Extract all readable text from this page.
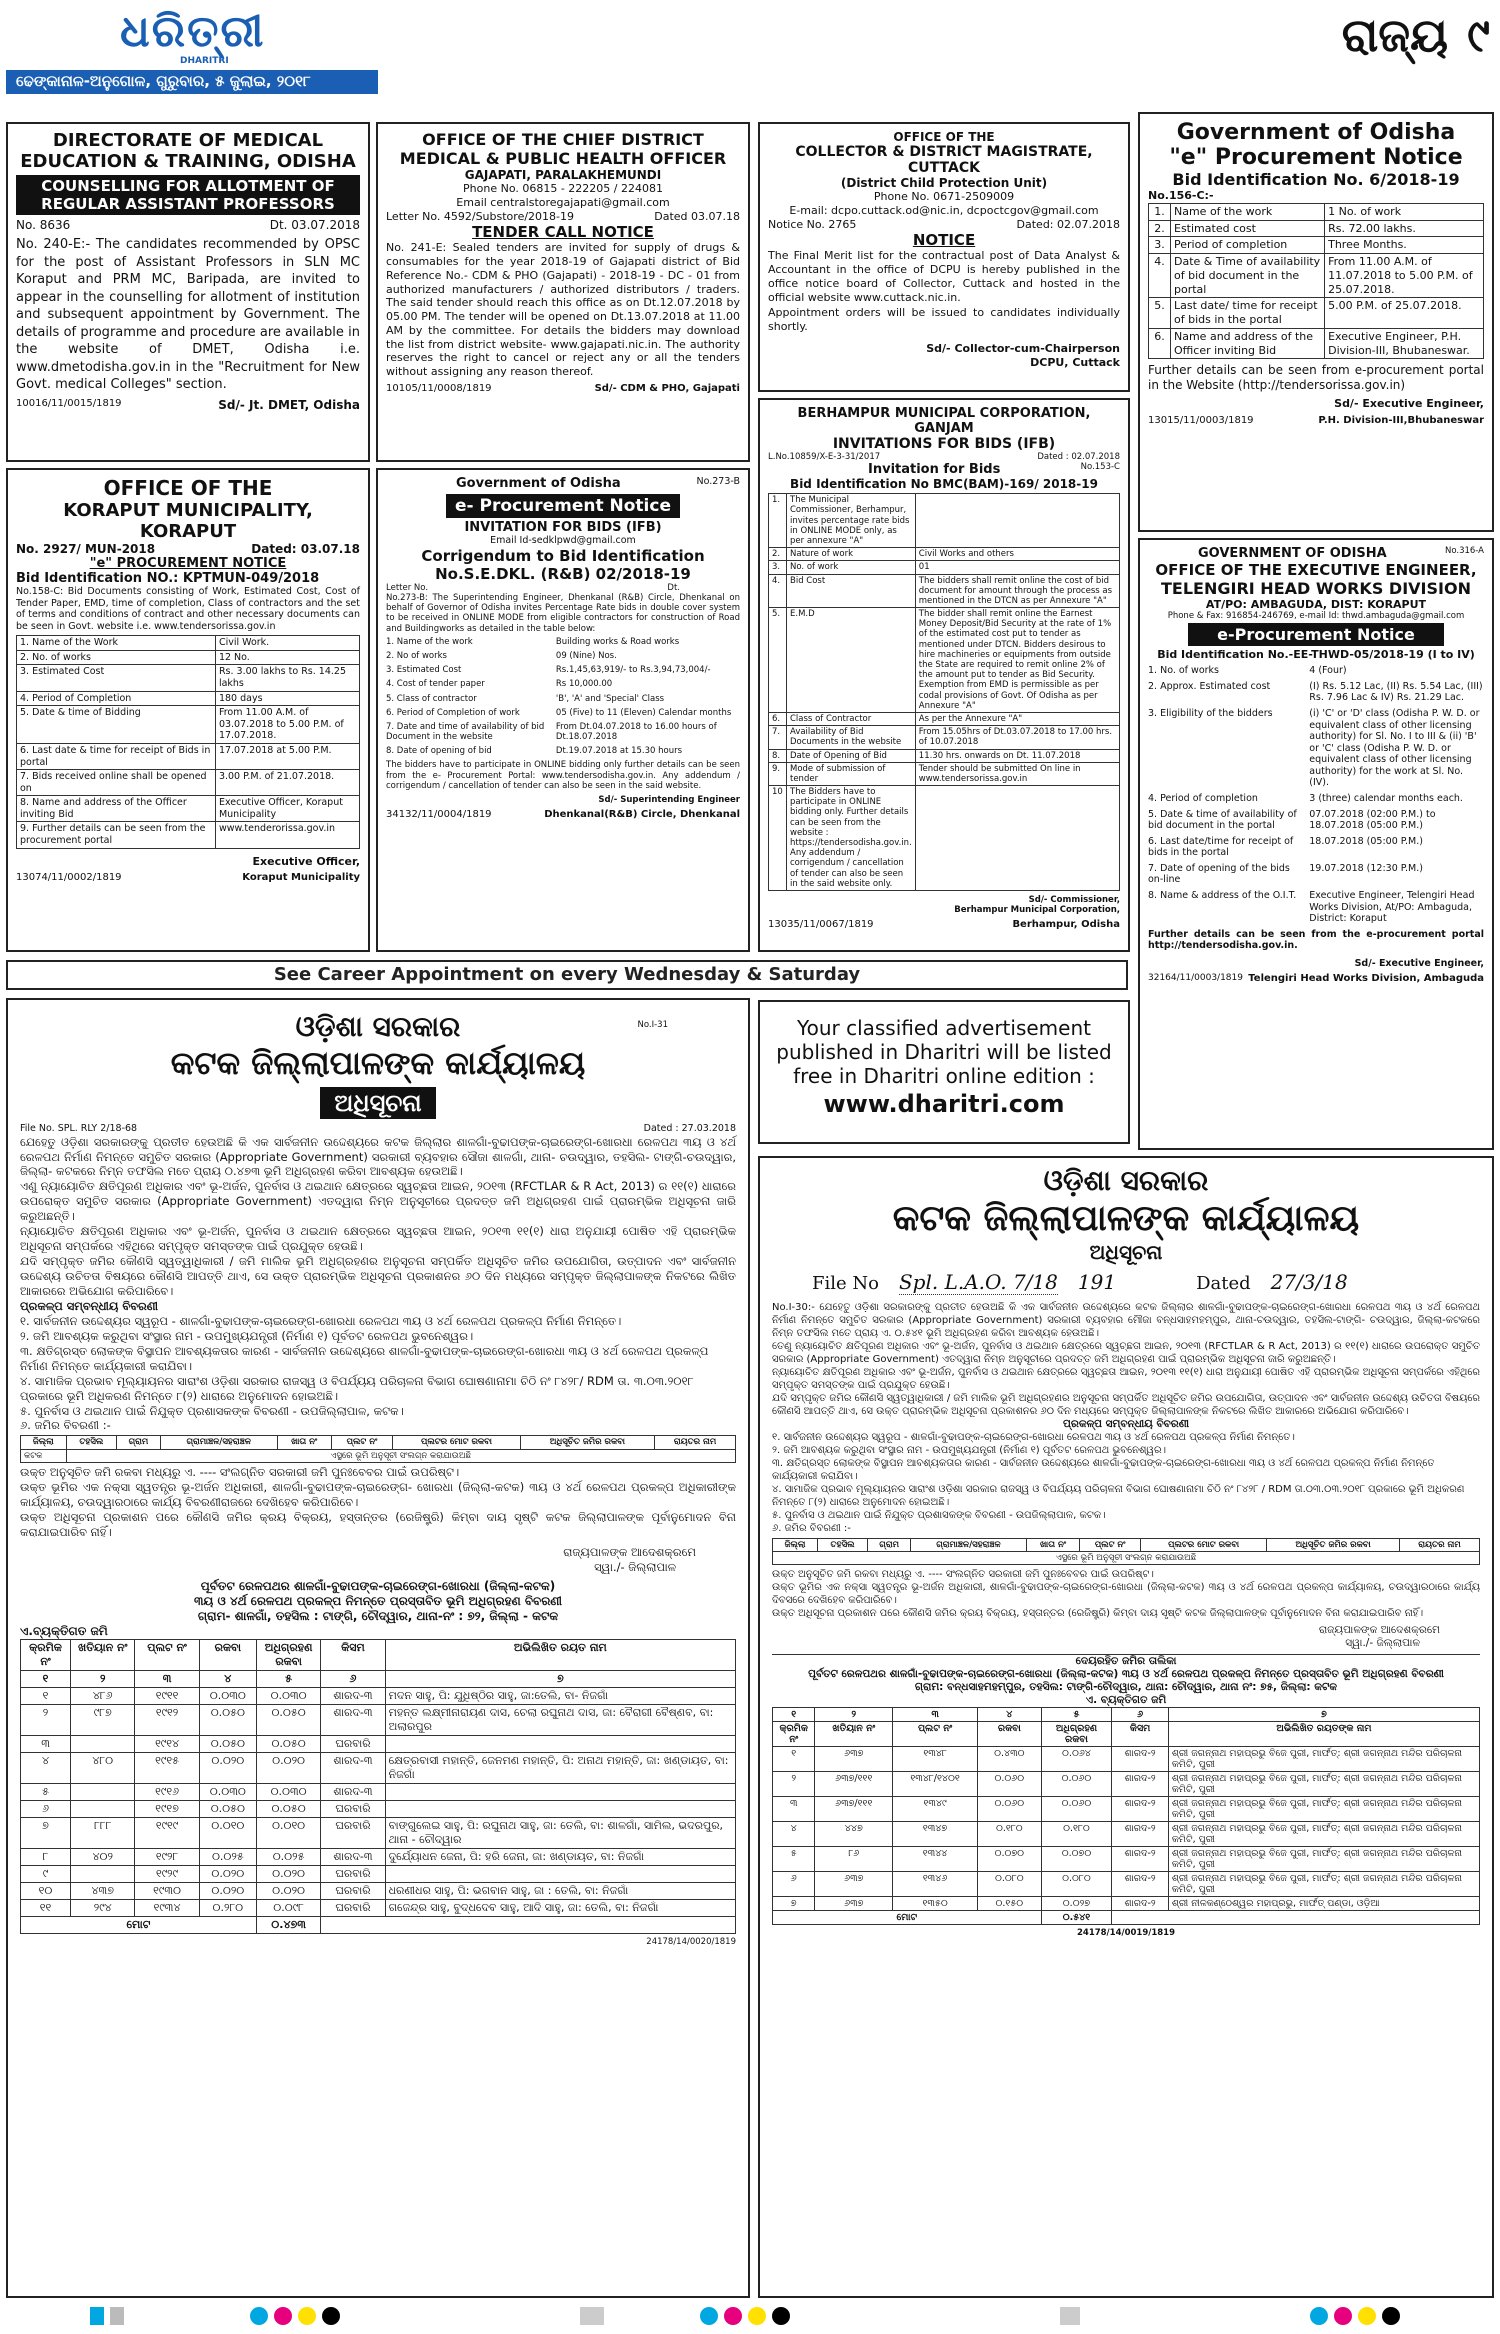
ଧରିତ୍ରୀ
DHARITRI
ଢେଙ୍କାନାଳ-ଅନୁଗୋଳ, ଗୁରୁବାର, ୫ ଜୁଲାଇ, ୨୦୧୮
ରାଜ୍ୟ ୯
DIRECTORATE OF MEDICAL
EDUCATION & TRAINING, ODISHA
COUNSELLING FOR ALLOTMENT OF REGULAR ASSISTANT PROFESSORS
No. 8636	Dt. 03.07.2018
No. 240-E:- The candidates recommended by OPSC for the post of Assistant Professors in SLN MC Koraput and PRM MC, Baripada, are invited to appear in the counselling for allotment of institution and subsequent appointment by Government. The details of programme and procedure are available in the website of DMET, Odisha i.e. www.dmetodisha.gov.in in the "Recruitment for New Govt. medical Colleges" section.
10016/11/0015/1819	Sd/- Jt. DMET, Odisha
OFFICE OF THE CHIEF DISTRICT
MEDICAL & PUBLIC HEALTH OFFICER
GAJAPATI, PARALAKHEMUNDI
Phone No. 06815 - 222205 / 224081
Email centralstoregajapati@gmail.com
Letter No. 4592/Substore/2018-19	Dated 03.07.18
TENDER CALL NOTICE
No. 241-E: Sealed tenders are invited for supply of drugs & consumables for the year 2018-19 of Gajapati district of Bid Reference No.- CDM & PHO (Gajapati) - 2018-19 - DC - 01 from authorized manufacturers / authorized distributors / traders. The said tender should reach this office as on Dt.12.07.2018 by 05.00 PM. The tender will be opened on Dt.13.07.2018 at 11.00 AM by the committee. For details the bidders may download the list from district website- www.gajapati.nic.in. The authority reserves the right to cancel or reject any or all the tenders without assigning any reason thereof.
10105/11/0008/1819	Sd/- CDM & PHO, Gajapati
OFFICE OF THE
COLLECTOR & DISTRICT MAGISTRATE, CUTTACK
(District Child Protection Unit)
Phone No. 0671-2509009
E-mail: dcpo.cuttack.od@nic.in, dcpoctcgov@gmail.com
Notice No. 2765	Dated: 02.07.2018
NOTICE
The Final Merit list for the contractual post of Data Analyst & Accountant in the office of DCPU is hereby published in the office notice board of Collector, Cuttack and hosted in the official website www.cuttack.nic.in.
Appointment orders will be issued to candidates individually shortly.
Sd/- Collector-cum-Chairperson
DCPU, Cuttack
Government of Odisha
"e" Procurement Notice
Bid Identification No. 6/2018-19
No.156-C:-
1.	Name of the work	1 No. of work
2.	Estimated cost	Rs. 72.00 lakhs.
3.	Period of completion	Three Months.
4.	Date & Time of availability of bid document in the portal	From 11.00 A.M. of 11.07.2018 to 5.00 P.M. of 25.07.2018.
5.	Last date/ time for receipt of bids in the portal	5.00 P.M. of 25.07.2018.
6.	Name and address of the Officer inviting Bid	Executive Engineer, P.H. Division-III, Bhubaneswar.
Further details can be seen from e-procurement portal in the Website (http://tendersorissa.gov.in)
Sd/- Executive Engineer,
13015/11/0003/1819	P.H. Division-III,Bhubaneswar
OFFICE OF THE
KORAPUT MUNICIPALITY, KORAPUT
No. 2927/ MUN-2018	Dated: 03.07.18
"e" PROCUREMENT NOTICE
Bid Identification NO.: KPTMUN-049/2018
No.158-C: Bid Documents consisting of Work, Estimated Cost, Cost of Tender Paper, EMD, time of completion, Class of contractors and the set of terms and conditions of contract and other necessary documents can be seen in Govt. website i.e. www.tendersorissa.gov.in
1. Name of the Work	Civil Work.
2. No. of works	12 No.
3. Estimated Cost	Rs. 3.00 lakhs to Rs. 14.25 lakhs
4. Period of Completion	180 days
5. Date & time of Bidding	From 11.00 A.M. of 03.07.2018 to 5.00 P.M. of 17.07.2018.
6. Last date & time for receipt of Bids in portal	17.07.2018 at 5.00 P.M.
7. Bids received online shall be opened on	3.00 P.M. of 21.07.2018.
8. Name and address of the Officer inviting Bid	Executive Officer, Koraput Municipality
9. Further details can be seen from the procurement portal	www.tenderorissa.gov.in
Executive Officer,
13074/11/0002/1819	Koraput Municipality
Government of Odisha	No.273-B
e- Procurement Notice
INVITATION FOR BIDS (IFB)
Email Id-sedklpwd@gmail.com
Corrigendum to Bid Identification
No.S.E.DKL. (R&B) 02/2018-19
Letter No.	Dt.
No.273-B: The Superintending Engineer, Dhenkanal (R&B) Circle, Dhenkanal on behalf of Governor of Odisha invites Percentage Rate bids in double cover system to be received in ONLINE MODE from eligible contractors for construction of Road and Buildingworks as detailed in the table below:
1. Name of the work	Building works & Road works
2. No of works	09 (Nine) Nos.
3. Estimated Cost	Rs.1,45,63,919/- to Rs.3,94,73,004/-
4. Cost of tender paper	Rs 10,000.00
5. Class of contractor	'B', 'A' and 'Special' Class
6. Period of Completion of work	05 (Five) to 11 (Eleven) Calendar months
7. Date and time of availability of bid Document in the website
From Dt.04.07.2018 to 16.00 hours of Dt.18.07.2018
8. Date of opening of bid	Dt.19.07.2018 at 15.30 hours
The bidders have to participate in ONLINE bidding only further details can be seen from the e- Procurement Portal: www.tendersodisha.gov.in. Any addendum / corrigendum / cancellation of tender can also be seen in the said website.
Sd/- Superintending Engineer
34132/11/0004/1819	Dhenkanal(R&B) Circle, Dhenkanal
BERHAMPUR MUNICIPAL CORPORATION, GANJAM
INVITATIONS FOR BIDS (IFB)
L.No.10859/X-E-3-31/2017	Dated : 02.07.2018
Invitation for Bids	No.153-C
Bid Identification No BMC(BAM)-169/ 2018-19
1.	The Municipal Commissioner, Berhampur, invites percentage rate bids in ONLINE MODE only, as per annexure "A"	
2.	Nature of work	Civil Works and others
3.	No. of work	01
4.	Bid Cost	The bidders shall remit online the cost of bid document for amount through the process as mentioned in the DTCN as per Annexure "A"
5.	E.M.D	The bidder shall remit online the Earnest Money Deposit/Bid Security at the rate of 1% of the estimated cost put to tender as mentioned under DTCN. Bidders desirous to hire machineries or equipments from outside the State are required to remit online 2% of the amount put to tender as Bid Security. Exemption from EMD is permissible as per codal provisions of Govt. Of Odisha as per Annexure "A"
6.	Class of Contractor	As per the Annexure "A"
7.	Availability of Bid Documents in the website	From 15.05hrs of Dt.03.07.2018 to 17.00 hrs. of 10.07.2018
8.	Date of Opening of Bid	11.30 hrs. onwards on Dt. 11.07.2018
9.	Mode of submission of tender	Tender should be submitted On line in www.tendersorissa.gov.in
10	The Bidders have to participate in ONLINE bidding only. Further details can be seen from the website : https://tendersodisha.gov.in. Any addendum / corrigendum / cancellation of tender can also be seen in the said website only.	
Sd/- Commissioner,
Berhampur Municipal Corporation,
13035/11/0067/1819	Berhampur, Odisha
GOVERNMENT OF ODISHA	No.316-A
OFFICE OF THE EXECUTIVE ENGINEER,
TELENGIRI HEAD WORKS DIVISION
AT/PO: AMBAGUDA, DIST: KORAPUT
Phone & Fax: 916854-246769, e-mail Id: thwd.ambaguda@gmail.com
e-Procurement Notice
Bid Identification No.-EE-THWD-05/2018-19 (I to IV)
1. No. of works	4 (Four)
2. Approx. Estimated cost	(I) Rs. 5.12 Lac, (II) Rs. 5.54 Lac, (III) Rs. 7.96 Lac & IV) Rs. 21.29 Lac.
3. Eligibility of the bidders	(i) 'C' or 'D' class (Odisha P. W. D. or equivalent class of other licensing authority) for Sl. No. I to III & (ii) 'B' or 'C' class (Odisha P. W. D. or equivalent class of other licensing authority) for the work at Sl. No. (IV).
4. Period of completion	3 (three) calendar months each.
5. Date & time of availability of bid document in the portal
07.07.2018 (02:00 P.M.) to 18.07.2018 (05:00 P.M.)
6. Last date/time for receipt of bids in the portal
18.07.2018 (05:00 P.M.)
7. Date of opening of the bids on-line
19.07.2018 (12:30 P.M.)
8. Name & address of the O.I.T.	Executive Engineer, Telengiri Head Works Division, At/PO: Ambaguda, District: Koraput
Further details can be seen from the e-procurement portal http://tendersodisha.gov.in.
Sd/- Executive Engineer,
32164/11/0003/1819 Telengiri Head Works Division, Ambaguda
See Career Appointment on every Wednesday & Saturday
Your classified advertisement
published in Dharitri will be listed
free in Dharitri online edition :
www.dharitri.com
No.I-31
ଓଡ଼ିଶା ସରକାର
କଟକ ଜିଲ୍ଲାପାଳଙ୍କ କାର୍ଯ୍ୟାଳୟ
ଅଧିସୂଚନା
File No. SPL. RLY 2/18-68	Dated : 27.03.2018
ଯେହେତୁ ଓଡ଼ିଶା ସରକାରଙ୍କୁ ପ୍ରତୀତ ହେଉଅଛି କି ଏକ ସାର୍ବଜନୀନ ଉଦ୍ଦେଶ୍ୟରେ କଟକ ଜିଲ୍ଲାର ଶାଳଗାଁ-ବୁଢାପଙ୍କ-ଚାଇରେଙ୍ଗ-ଖୋରଧା ରେଳପଥ ୩ୟ ଓ ୪ର୍ଥ ରେଳପଥ ନିର୍ମାଣ ନିମନ୍ତେ ସମୁଚିତ ସରକାର (Appropriate Government) ସରକାରୀ ବ୍ୟବହାର ସୌଜା ଶାଳଗାଁ, ଥାନା- ଚଉଦ୍ୱାର, ତହସିଲ- ଟାଙ୍ଗି-ଚଉଦ୍ୱାର, ଜିଲ୍ଲା- କଟକରେ ନିମ୍ନ ତଫସିଲ ମତେ ପ୍ରାୟ ୦.୪୭୩ ଭୂମି ଅଧିଗ୍ରହଣ କରିବା ଆବଶ୍ୟକ ହେଉଅଛି।
ଏଣୁ ନ୍ୟାୟୋଚିତ କ୍ଷତିପୂରଣ ଅଧିକାର ଏବଂ ଭୂ-ଅର୍ଜନ, ପୁନର୍ବାସ ଓ ଥଇଥାନ କ୍ଷେତ୍ରରେ ସ୍ୱଚ୍ଛତା ଆଇନ, ୨୦୧୩ (RFCTLAR & R Act, 2013) ର ୧୧(୧) ଧାରାରେ ଉପରୋକ୍ତ ସମୁଚିତ ସରକାର (Appropriate Government) ଏତଦ୍ୱାରା ନିମ୍ନ ଅନୁସୂଚୀରେ ପ୍ରଦତ୍ତ ଜମି ଅଧିଗ୍ରହଣ ପାଇଁ ପ୍ରାରମ୍ଭିକ ଅଧିସୂଚନା ଜାରି କରୁଅଛନ୍ତି।
ନ୍ୟାୟୋଚିତ କ୍ଷତିପୂରଣ ଅଧିକାର ଏବଂ ଭୂ-ଅର୍ଜନ, ପୁନର୍ବାସ ଓ ଥଇଥାନ କ୍ଷେତ୍ରରେ ସ୍ୱଚ୍ଛତା ଆଇନ, ୨୦୧୩ ୧୧(୧) ଧାରା ଅନୁଯାୟୀ ପୋଷିତ ଏହି ପ୍ରାରମ୍ଭିକ ଅଧିସୂଚନା ସମ୍ପର୍କରେ ଏହିଥିରେ ସମ୍ପୃକ୍ତ ସମସ୍ତଙ୍କ ପାଇଁ ପ୍ରଯୁକ୍ତ ହେଉଛି।
ଯଦି ସମ୍ପୃକ୍ତ ଜମିର କୌଣସି ସ୍ୱତ୍ୱାଧିକାରୀ / ଜମି ମାଲିକ ଭୂମି ଅଧିଗ୍ରହଣର ଅନୁସୂଚନା ସମ୍ପର୍କିତ ଅଧିସୂଚିତ ଜମିର ଉପଯୋଗିତା, ଉତ୍ପାଦନ ଏବଂ ସାର୍ବଜନୀନ ଉଦ୍ଦେଶ୍ୟ ଉଚିତତା ବିଷୟରେ କୌଣସି ଆପତ୍ତି ଥାଏ, ସେ ଉକ୍ତ ପ୍ରାରମ୍ଭିକ ଅଧିସୂଚନା ପ୍ରକାଶନର ୬୦ ଦିନ ମଧ୍ୟରେ ସମ୍ପୃକ୍ତ ଜିଲ୍ଲାପାଳଙ୍କ ନିକଟରେ ଲିଖିତ ଆକାରରେ ଅଭିଯୋଗ କରିପାରିବେ।
ପ୍ରକଳ୍ପ ସମ୍ବନ୍ଧୀୟ ବିବରଣୀ
୧. ସାର୍ବଜନୀନ ଉଦ୍ଦେଶ୍ୟର ସ୍ୱରୂପ - ଶାଳଗାଁ-ବୁଢାପଙ୍କ-ଚାଇରେଙ୍ଗ-ଖୋରଧା ରେଳପଥ ୩ୟ ଓ ୪ର୍ଥ ରେଳପଥ ପ୍ରକଳ୍ପ ନିର୍ମାଣ ନିମନ୍ତେ।
୨. ଜମି ଆବଶ୍ୟକ କରୁଥିବା ସଂସ୍ଥାର ନାମ - ଉପମୁଖ୍ୟଯନ୍ତ୍ରୀ (ନିର୍ମାଣ ୧) ପୂର୍ବତଟ ରେଳପଥ ଭୁବନେଶ୍ୱର।
୩. କ୍ଷତିଗ୍ରସ୍ତ ଲୋକଙ୍କ ବିସ୍ଥାପନ ଆବଶ୍ୟକତାର କାରଣ - ସାର୍ବଜନୀନ ଉଦ୍ଦେଶ୍ୟରେ ଶାଳଗାଁ-ବୁଢାପଙ୍କ-ଚାଇରେଙ୍ଗ-ଖୋରଧା ୩ୟ ଓ ୪ର୍ଥ ରେଳପଥ ପ୍ରକଳ୍ପ ନିର୍ମାଣ ନିମନ୍ତେ କାର୍ଯ୍ୟକାରୀ କରାଯିବା।
୪. ସାମାଜିକ ପ୍ରଭାବ ମୂଲ୍ୟାୟନର ସାରାଂଶ ଓଡ଼ିଶା ସରକାର ରାଜସ୍ୱ ଓ ବିପର୍ଯ୍ୟୟ ପରିଚାଳନା ବିଭାଗ ଘୋଷଣାନାମା ଚିଠି ନଂ ୮୪୨୮/ RDM ତା. ୩.୦୩.୨୦୧୮ ପ୍ରକାରେ ଭୂମି ଅଧିକରଣ ନିମନ୍ତେ ୮(୨) ଧାରାରେ ଅନୁମୋଦନ ହୋଇଅଛି।
୫. ପୁନର୍ବାସ ଓ ଥଇଥାନ ପାଇଁ ନିଯୁକ୍ତ ପ୍ରଶାସକଙ୍କ ବିବରଣୀ - ଉପଜିଲ୍ଲାପାଳ, କଟକ।
୬. ଜମିର ବିବରଣୀ :-
ଜିଲ୍ଲା	ତହସିଲ	ଗ୍ରାମ	ଗ୍ରାମାଞ୍ଚଳ/ସହରାଞ୍ଚଳ	ଖାତା ନଂ	ପ୍ଲଟ ନଂ	ପ୍ଲଟର ମୋଟ ରକବା	ଅଧିସୂଚିତ ଜମିର ରକବା	ରାୟତର ନାମ
କଟକ	ଏସ୍ଥରେ ଭୂମି ଅନୁସୂଚୀ ସଂଲଗ୍ନ କରାଯାଉଅଛି							
ଉକ୍ତ ଅନୁସୂଚିତ ଜମି ରକବା ମଧ୍ୟରୁ ଏ. ---- ସଂଲଗ୍ନିତ ସରକାରୀ ଜମି ପୁନଃବେବର ପାଇଁ ଉପରିଷ୍ଟ।
ଉକ୍ତ ଭୂମିର ଏକ ନକ୍ସା ସ୍ୱତନ୍ତ୍ର ଭୂ-ଅର୍ଜନ ଅଧିକାରୀ, ଶାଳଗାଁ-ବୁଢାପଙ୍କ-ଚାଇରେଙ୍ଗ- ଖୋରଧା (ଜିଲ୍ଲା-କଟକ) ୩ୟ ଓ ୪ର୍ଥ ରେଳପଥ ପ୍ରକଳ୍ପ ଅଧିକାରୀଙ୍କ କାର୍ଯ୍ୟାଳୟ, ଚଉଦ୍ୱାରଠାରେ କାର୍ଯ୍ୟ ବିବରଣୀରାଜରେ ଦେଖିହେବ କରିପାରିବେ।
ଉକ୍ତ ଅଧିସୂଚନା ପ୍ରକାଶନ ପରେ କୌଣସି ଜମିର କ୍ରୟ ବିକ୍ରୟ, ହସ୍ତାନ୍ତର (ରେଜିଷ୍ଟ୍ରି) କିମ୍ବା ଦାୟ ସୃଷ୍ଟି କଟକ ଜିଲ୍ଲାପାଳଙ୍କ ପୂର୍ବାନୁମୋଦନ ବିନା କରାଯାଇପାରିବ ନାହିଁ।
ରାଜ୍ୟପାଳଙ୍କ ଆଦେଶକ୍ରମେ
ସ୍ୱା./- ଜିଲ୍ଲାପାଳ
ପୂର୍ବତଟ ରେଳପଥର ଶାଳଗାଁ-ବୁଢାପଙ୍କ-ଚାଇରେଙ୍ଗ-ଖୋରଧା (ଜିଲ୍ଲା-କଟକ)
୩ୟ ଓ ୪ର୍ଥ ରେଳପଥ ପ୍ରକଳ୍ପ ନିମନ୍ତେ ପ୍ରସ୍ତାବିତ ଭୂମି ଅଧିଗ୍ରହଣ ବିବରଣୀ
ଗ୍ରାମ- ଶାଳଗାଁ, ତହସିଲ : ଟାଙ୍ଗି, ଚୌଦ୍ୱାର, ଥାନା-ନଂ : ୭୨, ଜିଲ୍ଲା - କଟକ
ଏ.ବ୍ୟକ୍ତିଗତ ଜମି
କ୍ରମିକ ନଂ	ଖତିୟାନ ନଂ	ପ୍ଲଟ ନଂ	ରକବା	ଅଧିଗ୍ରହଣ ରକବା	କିସମ	ଅଭିଲିଖିତ ରୟତ ନାମ
୧	୨	୩	୪	୫	୬	୭
୧	୪୮୬	୧୯୧୧	୦.୦୩୦	୦.୦୩୦	ଶାରଦ-୩	ମଦନ ସାହୁ, ପି: ଯୁଧିଷ୍ଠିର ସାହୁ, ଜା:ତେଲି, ବା- ନିଜଗାଁ
୨	୯୮୭	୧୯୧୨	୦.୦୫୦	୦.୦୫୦	ଶାରଦ-୩	ମହନ୍ତ ଲକ୍ଷ୍ମୀନାରାୟଣ ଦାସ, ଚେଲା ରଘୁନାଥ ଦାସ, ଜା: ବୈରାଗୀ ବୈଷ୍ଣବ, ବା: ଅଲାରପୁର
୩		୧୯୧୪	୦.୦୫୦	୦.୦୫୦	ଘରବାରି	
୪	୪୮୦	୧୯୧୫	୦.୦୨୦	୦.୦୨୦	ଶାରଦ-୩	କ୍ଷେତ୍ରବାସୀ ମହାନ୍ତି, ଜେନମଣ ମହାନ୍ତି, ପି: ଅନାଥ ମହାନ୍ତି, ଜା: ଖଣ୍ଡାୟତ, ବା: ନିଜଗାଁ
୫		୧୯୧୬	୦.୦୩୦	୦.୦୩୦	ଶାରଦ-୩	
୬		୧୯୧୭	୦.୦୫୦	୦.୦୫୦	ଘରବାରି	
୭	୮୮୮	୧୯୧୯	୦.୦୧୦	୦.୦୧୦	ଘରବାରି	ବାଙ୍ଗୁଲେଇ ସାହୁ, ପି: ରଘୁନାଥ ସାହୁ, ଜା: ତେଲି, ବା: ଶାଳଗାଁ, ସାମିଲ, ଭଦରପୁର, ଥାନା - ଚୌଦ୍ୱାର
୮	୪୦୨	୧୯୨୮	୦.୦୨୫	୦.୦୨୫	ଶାରଦ-୩	ଦୁର୍ଯ୍ୟୋଧନ ଜେନା, ପି: ହରି ଜେନା, ଜା: ଖଣ୍ଡାୟତ, ବା: ନିଜଗାଁ
୯		୧୯୨୯	୦.୦୨୦	୦.୦୨୦	ଘରବାରି	
୧୦	୪୩୭	୧୯୩୦	୦.୦୨୦	୦.୦୨୦	ଘରବାରି	ଧରଣୀଧର ସାହୁ, ପି: ଭଗବାନ ସାହୁ, ଜା : ତେଲି, ବା: ନିଜଗାଁ
୧୧	୨୯୪	୧୯୩୪	୦.୨୮୦	୦.୦୯୮	ଘରବାରି	ଗଜେନ୍ଦ୍ର ସାହୁ, ବୁଦ୍ଧଦେବ ସାହୁ, ଆଦି ସାହୁ, ଜା: ତେଲି, ବା: ନିଜଗାଁ
ମୋଟ				୦.୪୭୩		
24178/14/0020/1819
ଓଡ଼ିଶା ସରକାର
କଟକ ଜିଲ୍ଲାପାଳଙ୍କ କାର୍ଯ୍ୟାଳୟ
ଅଧିସୂଚନା
File No Spl. L.A.O. 7/18 191	Dated 27/3/18
No.I-30:- ଯେହେତୁ ଓଡ଼ିଶା ସରକାରଙ୍କୁ ପ୍ରତୀତ ହେଉଅଛି କି ଏକ ସାର୍ବଜନୀନ ଉଦ୍ଦେଶ୍ୟରେ କଟକ ଜିଲ୍ଲାର ଶାଳଗାଁ-ବୁଢାପଙ୍କ-ଚାଇରେଙ୍ଗ-ଖୋରଧା ରେଳପଥ ୩ୟ ଓ ୪ର୍ଥ ରେଳପଥ ନିର୍ମାଣ ନିମନ୍ତେ ସମୁଚିତ ସରକାର (Appropriate Government) ସରକାରୀ ବ୍ୟବହାର ମୌଜା ବନ୍ଧସାହମହମ୍ପୁର, ଥାନା-ଚଉଦ୍ୱାର, ତହସିଲ-ଟାଙ୍ଗି- ଚଉଦ୍ୱାର, ଜିଲ୍ଲା-କଟକରେ ନିମ୍ନ ତଫସିଲ ମତେ ପ୍ରାୟ ଏ. ୦.୫୪୧ ଭୂମି ଅଧିଗ୍ରହଣ କରିବା ଆବଶ୍ୟକ ହେଉଅଛି।
ତେଣୁ ନ୍ୟାୟୋଚିତ କ୍ଷତିପୂରଣ ଅଧିକାର ଏବଂ ଭୂ-ଅର୍ଜନ, ପୁନର୍ବାସ ଓ ଥଇଥାନ କ୍ଷେତ୍ରରେ ସ୍ୱଚ୍ଛତା ଆଇନ, ୨୦୧୩ (RFCTLAR & R Act, 2013) ର ୧୧(୧) ଧାରାରେ ଉପରୋକ୍ତ ସମୁଚିତ ସରକାର (Appropriate Government) ଏତଦ୍ୱାରା ନିମ୍ନ ଅନୁସୂଚୀରେ ପ୍ରଦତ୍ତ ଜମି ଅଧିଗ୍ରହଣ ପାଇଁ ପ୍ରାରମ୍ଭିକ ଅଧିସୂଚନା ଜାରି କରୁଅଛନ୍ତି।
ନ୍ୟାୟୋଚିତ କ୍ଷତିପୂରଣ ଅଧିକାର ଏବଂ ଭୂ-ଅର୍ଜନ, ପୁନର୍ବାସ ଓ ଥଇଥାନ କ୍ଷେତ୍ରରେ ସ୍ୱଚ୍ଛତା ଆଇନ, ୨୦୧୩ ୧୧(୧) ଧାରା ଅନୁଯାୟୀ ପୋଷିତ ଏହି ପ୍ରାରମ୍ଭିକ ଅଧିସୂଚନା ସମ୍ପର୍କରେ ଏହିଥିରେ ସମ୍ପୃକ୍ତ ସମସ୍ତଙ୍କ ପାଇଁ ପ୍ରଯୁକ୍ତ ହେଉଛି।
ଯଦି ସମ୍ପୃକ୍ତ ଜମିର କୌଣସି ସ୍ୱତ୍ୱାଧିକାରୀ / ଜମି ମାଲିକ ଭୂମି ଅଧିଗ୍ରହଣର ଅନୁସୂଚନା ସମ୍ପର୍କିତ ଅଧିସୂଚିତ ଜମିର ଉପଯୋଗିତା, ଉତ୍ପାଦନ ଏବଂ ସାର୍ବଜନୀନ ଉଦ୍ଦେଶ୍ୟ ଉଚିତତା ବିଷୟରେ କୌଣସି ଆପତ୍ତି ଥାଏ, ସେ ଉକ୍ତ ପ୍ରାରମ୍ଭିକ ଅଧିସୂଚନା ପ୍ରକାଶନର ୬୦ ଦିନ ମଧ୍ୟରେ ସମ୍ପୃକ୍ତ ଜିଲ୍ଲାପାଳଙ୍କ ନିକଟରେ ଲିଖିତ ଆକାରରେ ଅଭିଯୋଗ କରିପାରିବେ।
ପ୍ରକଳ୍ପ ସମ୍ବନ୍ଧୀୟ ବିବରଣୀ
୧. ସାର୍ବଜନୀନ ଉଦ୍ଦେଶ୍ୟର ସ୍ୱରୂପ - ଶାଳଗାଁ-ବୁଢାପଙ୍କ-ଚାଇରେଙ୍ଗ-ଖୋରଧା ରେଳପଥ ୩ୟ ଓ ୪ର୍ଥ ରେଳପଥ ପ୍ରକଳ୍ପ ନିର୍ମାଣ ନିମନ୍ତେ।
୨. ଜମି ଆବଶ୍ୟକ କରୁଥିବା ସଂସ୍ଥାର ନାମ - ଉପମୁଖ୍ୟଯନ୍ତ୍ରୀ (ନିର୍ମାଣ ୧) ପୂର୍ବତଟ ରେଳପଥ ଭୁବନେଶ୍ୱର।
୩. କ୍ଷତିଗ୍ରସ୍ତ ଲୋକଙ୍କ ବିସ୍ଥାପନ ଆବଶ୍ୟକତାର କାରଣ - ସାର୍ବଜନୀନ ଉଦ୍ଦେଶ୍ୟରେ ଶାଳଗାଁ-ବୁଢାପଙ୍କ-ଚାଇରେଙ୍ଗ-ଖୋରଧା ୩ୟ ଓ ୪ର୍ଥ ରେଳପଥ ପ୍ରକଳ୍ପ ନିର୍ମାଣ ନିମନ୍ତେ କାର୍ଯ୍ୟକାରୀ କରାଯିବା।
୪. ସାମାଜିକ ପ୍ରଭାବ ମୂଲ୍ୟାୟନର ସାରାଂଶ ଓଡ଼ିଶା ସରକାର ରାଜସ୍ୱ ଓ ବିପର୍ଯ୍ୟୟ ପରିଚାଳନା ବିଭାଗ ଘୋଷଣାନାମା ଚିଠି ନଂ ୮୪୨୮ / RDM ତା.୦୩.୦୩.୨୦୧୮ ପ୍ରକାରେ ଭୂମି ଅଧିକରଣ ନିମନ୍ତେ ୮(୨) ଧାରାରେ ଅନୁମୋଦନ ହୋଇଅଛି।
୫. ପୁନର୍ବାସ ଓ ଥଇଥାନ ପାଇଁ ନିଯୁକ୍ତ ପ୍ରଶାସକଙ୍କ ବିବରଣୀ - ଉପଜିଲ୍ଲାପାଳ, କଟକ।
୬. ଜମିର ବିବରଣୀ :-
ଜିଲ୍ଲା	ତହସିଲ	ଗ୍ରାମ	ଗ୍ରାମାଞ୍ଚଳ/ସହରାଞ୍ଚଳ	ଖାତା ନଂ	ପ୍ଲଟ ନଂ	ପ୍ଲଟର ମୋଟ ରକବା	ଅଧିସୂଚିତ ଜମିର ରକବା	ରାୟତର ନାମ
ଏସ୍ଥରେ ଭୂମି ଅନୁସୂଚୀ ସଂଲଗ୍ନ କରାଯାଉଅଛି
ଉକ୍ତ ଅନୁସୂଚିତ ଜମି ରକବା ମଧ୍ୟରୁ ଏ. ---- ସଂଲଗ୍ନିତ ସରକାରୀ ଜମି ପୁନଃବେବର ପାଇଁ ଉପରିଷ୍ଟ।
ଉକ୍ତ ଭୂମିର ଏକ ନକ୍ସା ସ୍ୱତନ୍ତ୍ର ଭୂ-ଅର୍ଜନ ଅଧିକାରୀ, ଶାଳଗାଁ-ବୁଢାପଙ୍କ-ଚାଇରେଙ୍ଗ-ଖୋରଧା (ଜିଲ୍ଲା-କଟକ) ୩ୟ ଓ ୪ର୍ଥ ରେଳପଥ ପ୍ରକଳ୍ପ କାର୍ଯ୍ୟାଳୟ, ଚଉଦ୍ୱାରଠାରେ କାର୍ଯ୍ୟ ଦିବସରେ ଦେଖିହେବ କରିପାରିବେ।
ଉକ୍ତ ଅଧିସୂଚନା ପ୍ରକାଶନ ପରେ କୌଣସି ଜମିର କ୍ରୟ ବିକ୍ରୟ, ହସ୍ତାନ୍ତର (ରେଜିଷ୍ଟ୍ରି) କିମ୍ବା ଦାୟ ସୃଷ୍ଟି କଟକ ଜିଲ୍ଲାପାଳଙ୍କ ପୂର୍ବାନୁମୋଦନ ବିନା କରାଯାଇପାରିବ ନାହିଁ।
ରାଜ୍ୟପାଳଙ୍କ ଆଦେଶକ୍ରମେ
ସ୍ୱା./- ଜିଲ୍ଲାପାଳ
ଦେୟରହିତ ଜମିର ତାଲିକା
ପୂର୍ବତଟ ରେଳପଥର ଶାଳଗାଁ-ବୁଢାପଙ୍କ-ଚାଇରେଙ୍ଗ-ଖୋରଧା (ଜିଲ୍ଲା-କଟକ) ୩ୟ ଓ ୪ର୍ଥ ରେଳପଥ ପ୍ରକଳ୍ପ ନିମନ୍ତେ ପ୍ରସ୍ତାବିତ ଭୂମି ଅଧିଗ୍ରହଣ ବିବରଣୀ
ଗ୍ରାମ: ବନ୍ଧସାହମହମ୍ପୁର, ତହସିଲ: ଟାଙ୍ଗି-ଚୌଦ୍ୱାର, ଥାନା: ଚୌଦ୍ୱାର, ଥାନା ନଂ: ୭୫, ଜିଲ୍ଲା: କଟକ
ଏ. ବ୍ୟକ୍ତିଗତ ଜମି
୧	୨	୩	୪	୫	୬	୭
କ୍ରମିକ ନଂ	ଖତିୟାନ ନଂ	ପ୍ଲଟ ନଂ	ରକବା	ଅଧିଗ୍ରହଣ ରକବା	କିସମ	ଅଭିଲିଖିତ ରୟତଙ୍କ ନାମ
୧	୬୩୭	୧୩୪୮	୦.୪୩୦	୦.୦୬୪	ଶାରଦ-୨	ଶ୍ରୀ ଜଗନ୍ନାଥ ମହାପ୍ରଭୁ ବିଜେ ପୁରୀ, ମାର୍ଫତ୍: ଶ୍ରୀ ଜଗନ୍ନାଥ ମନ୍ଦିର ପରିଚାଳନା କମିଟି, ପୁରୀ
୨	୬୩୭/୧୧୧	୧୩୪୮/୧୪୦୧	୦.୦୬୦	୦.୦୬୦	ଶାରଦ-୨	ଶ୍ରୀ ଜଗନ୍ନାଥ ମହାପ୍ରଭୁ ବିଜେ ପୁରୀ, ମାର୍ଫତ୍: ଶ୍ରୀ ଜଗନ୍ନାଥ ମନ୍ଦିର ପରିଚାଳନା କମିଟି, ପୁରୀ
୩	୬୩୭/୧୧୧	୧୩୪୯	୦.୦୬୦	୦.୦୬୦	ଶାରଦ-୨	ଶ୍ରୀ ଜଗନ୍ନାଥ ମହାପ୍ରଭୁ ବିଜେ ପୁରୀ, ମାର୍ଫତ୍: ଶ୍ରୀ ଜଗନ୍ନାଥ ମନ୍ଦିର ପରିଚାଳନା କମିଟି, ପୁରୀ
୪	୪୪୭	୧୩୪୭	୦.୧୮୦	୦.୧୮୦	ଶାରଦ-୨	ଶ୍ରୀ ଜଗନ୍ନାଥ ମହାପ୍ରଭୁ ବିଜେ ପୁରୀ, ମାର୍ଫତ୍: ଶ୍ରୀ ଜଗନ୍ନାଥ ମନ୍ଦିର ପରିଚାଳନା କମିଟି, ପୁରୀ
୫	୮୬	୧୩୪୪	୦.୦୭୦	୦.୦୭୦	ଶାରଦ-୨	ଶ୍ରୀ ଜଗନ୍ନାଥ ମହାପ୍ରଭୁ ବିଜେ ପୁରୀ, ମାର୍ଫତ୍: ଶ୍ରୀ ଜଗନ୍ନାଥ ମନ୍ଦିର ପରିଚାଳନା କମିଟି, ପୁରୀ
୬	୬୩୭	୧୩୪୬	୦.୦୮୦	୦.୦୮୦	ଶାରଦ-୨	ଶ୍ରୀ ଜଗନ୍ନାଥ ମହାପ୍ରଭୁ ବିଜେ ପୁରୀ, ମାର୍ଫତ୍: ଶ୍ରୀ ଜଗନ୍ନାଥ ମନ୍ଦିର ପରିଚାଳନା କମିଟି, ପୁରୀ
୭	୬୩୭	୧୩୫୦	୦.୧୫୦	୦.୦୨୭	ଶାରଦ-୨	ଶ୍ରୀ ନୀଳକଣ୍ଠେଶ୍ୱର ମହାପ୍ରଭୁ, ମାର୍ଫତ୍ ପଣ୍ଡା, ଓଡ଼ିଆ
ମୋଟ				୦.୫୪୧		
24178/14/0019/1819
